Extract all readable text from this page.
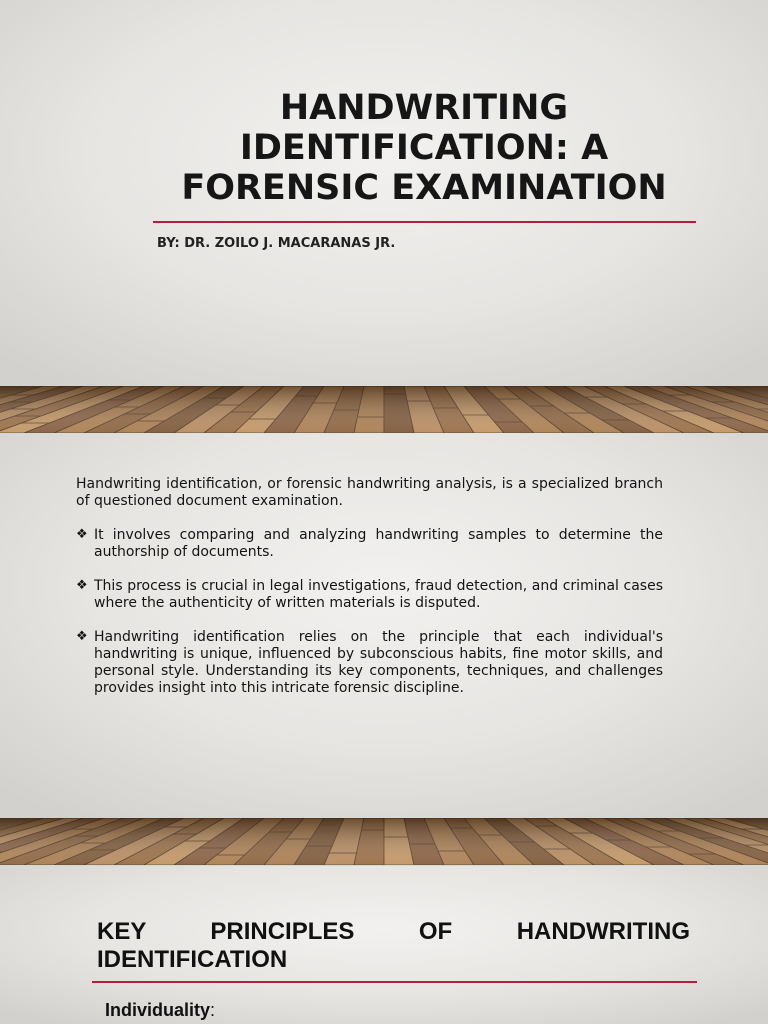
HANDWRITING IDENTIFICATION: A FORENSIC EXAMINATION
BY: DR. ZOILO J. MACARANAS JR.

Handwriting identification, or forensic handwriting analysis, is a specialized branch of questioned document examination.

❖ It involves comparing and analyzing handwriting samples to determine the authorship of documents.
❖ This process is crucial in legal investigations, fraud detection, and criminal cases where the authenticity of written materials is disputed.
❖ Handwriting identification relies on the principle that each individual's handwriting is unique, influenced by subconscious habits, fine motor skills, and personal style. Understanding its key components, techniques, and challenges provides insight into this intricate forensic discipline.
KEY PRINCIPLES OF HANDWRITING IDENTIFICATION
Individuality:
